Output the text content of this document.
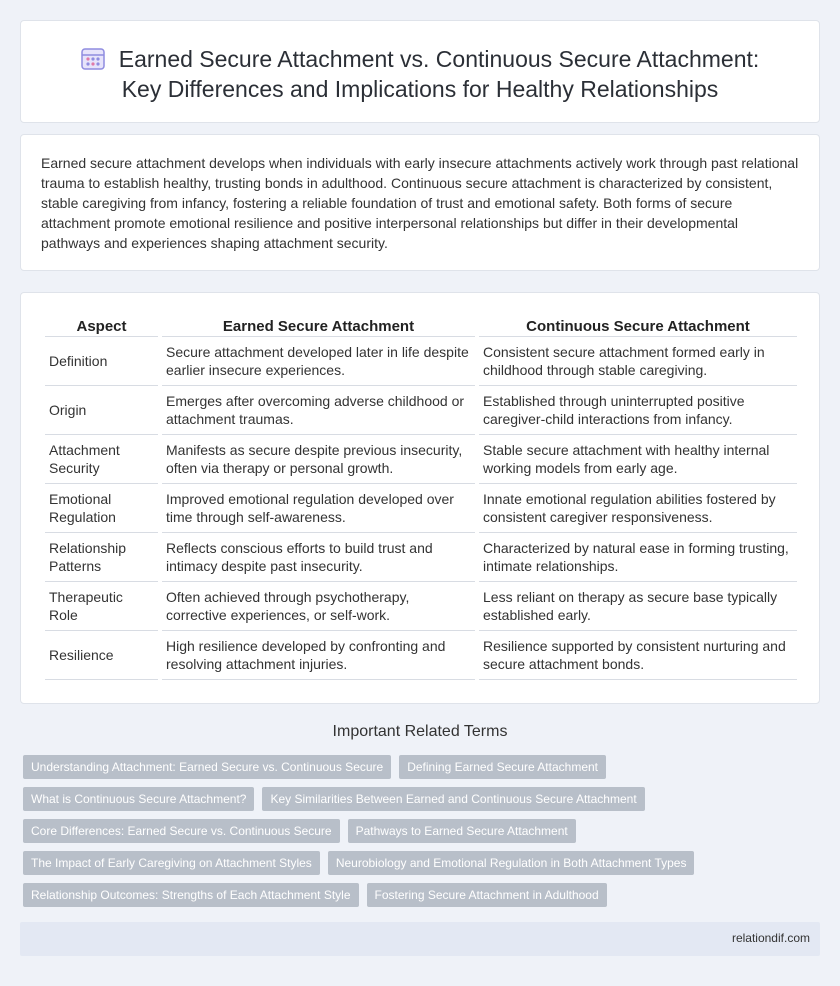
Earned Secure Attachment vs. Continuous Secure Attachment:
Key Differences and Implications for Healthy Relationships

Earned secure attachment develops when individuals with early insecure attachments actively work through past relational trauma to establish healthy, trusting bonds in adulthood. Continuous secure attachment is characterized by consistent, stable caregiving from infancy, fostering a reliable foundation of trust and emotional safety. Both forms of secure attachment promote emotional resilience and positive interpersonal relationships but differ in their developmental pathways and experiences shaping attachment security.

Aspect	Earned Secure Attachment	Continuous Secure Attachment
Definition	Secure attachment developed later in life despite earlier insecure experiences.	Consistent secure attachment formed early in childhood through stable caregiving.
Origin	Emerges after overcoming adverse childhood or attachment traumas.	Established through uninterrupted positive caregiver-child interactions from infancy.
Attachment Security	Manifests as secure despite previous insecurity, often via therapy or personal growth.	Stable secure attachment with healthy internal working models from early age.
Emotional Regulation	Improved emotional regulation developed over time through self-awareness.	Innate emotional regulation abilities fostered by consistent caregiver responsiveness.
Relationship Patterns	Reflects conscious efforts to build trust and intimacy despite past insecurity.	Characterized by natural ease in forming trusting, intimate relationships.
Therapeutic Role	Often achieved through psychotherapy, corrective experiences, or self-work.	Less reliant on therapy as secure base typically established early.
Resilience	High resilience developed by confronting and resolving attachment injuries.	Resilience supported by consistent nurturing and secure attachment bonds.
Important Related Terms
Understanding Attachment: Earned Secure vs. Continuous Secure	Defining Earned Secure Attachment
What is Continuous Secure Attachment?	Key Similarities Between Earned and Continuous Secure Attachment
Core Differences: Earned Secure vs. Continuous Secure	Pathways to Earned Secure Attachment
The Impact of Early Caregiving on Attachment Styles	Neurobiology and Emotional Regulation in Both Attachment Types
Relationship Outcomes: Strengths of Each Attachment Style	Fostering Secure Attachment in Adulthood
relationdif.com
